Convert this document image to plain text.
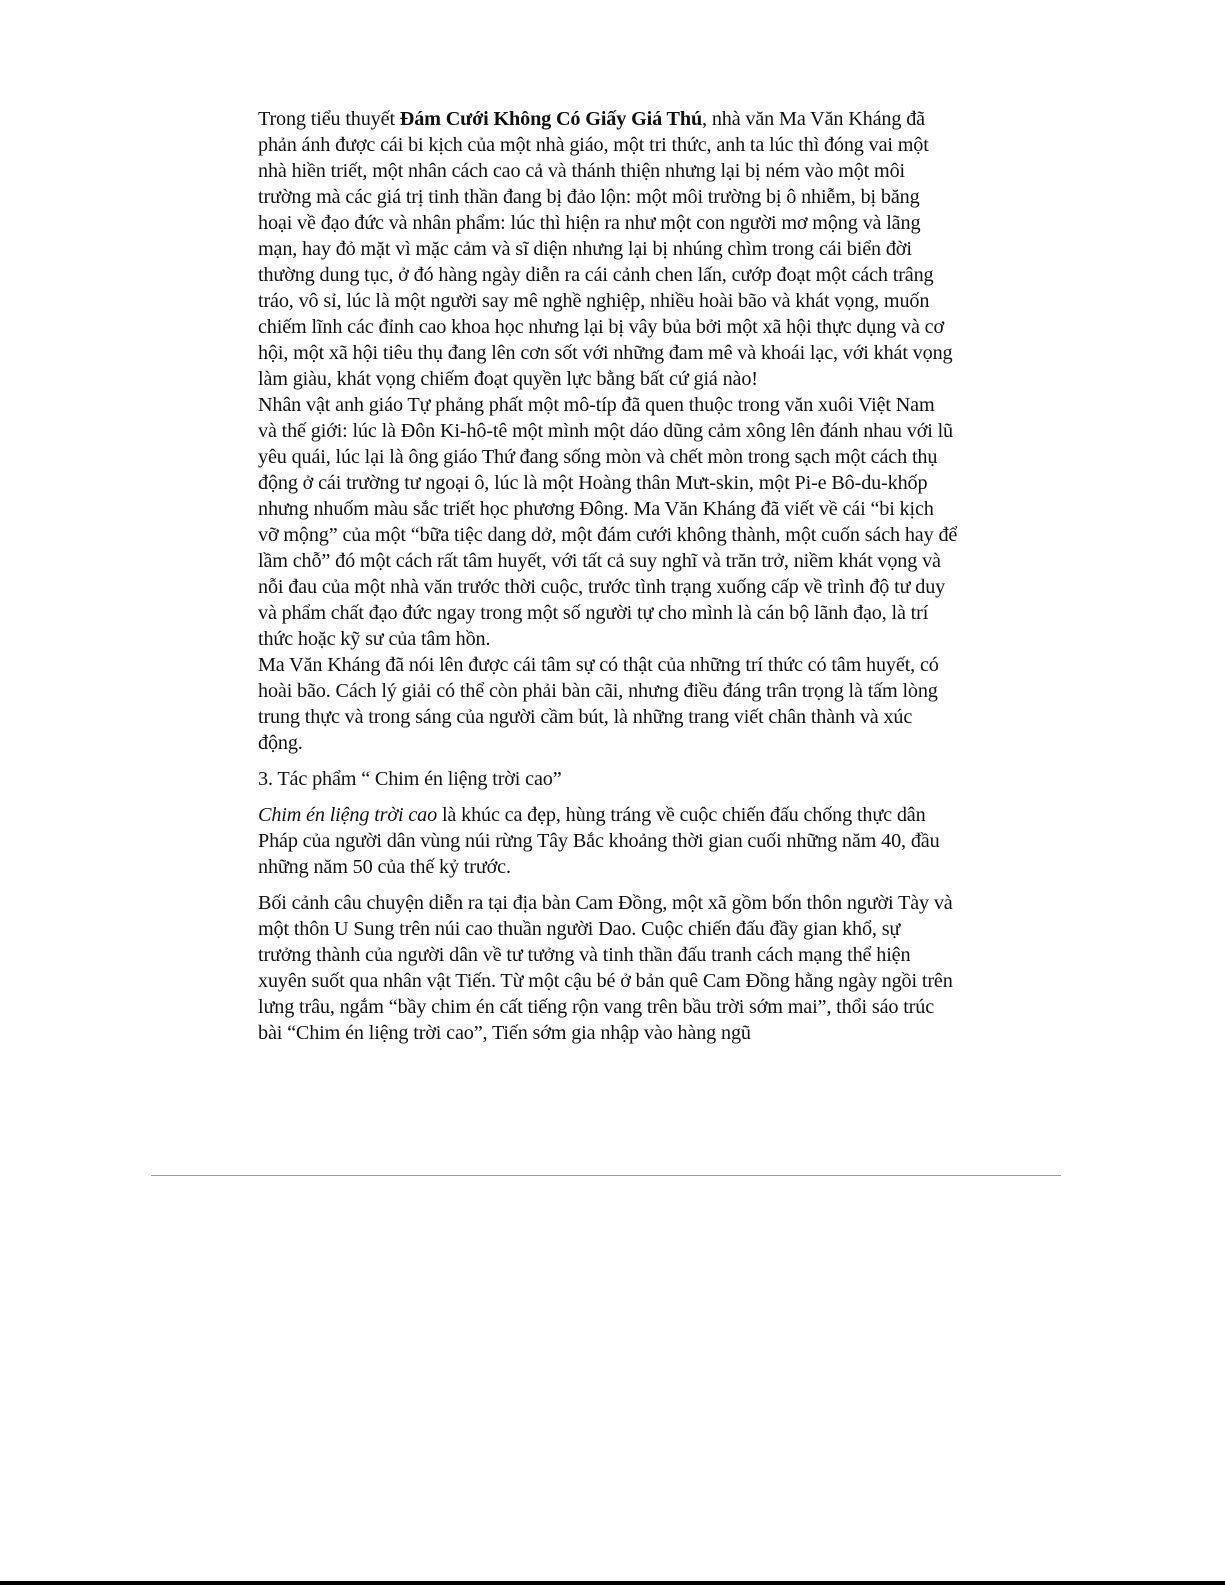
Trong tiểu thuyết Đám Cưới Không Có Giấy Giá Thú, nhà văn Ma Văn Kháng đã phản ánh được cái bi kịch của một nhà giáo, một tri thức, anh ta lúc thì đóng vai một nhà hiền triết, một nhân cách cao cả và thánh thiện nhưng lại bị ném vào một môi trường mà các giá trị tinh thần đang bị đảo lộn: một môi trường bị ô nhiễm, bị băng hoại về đạo đức và nhân phẩm: lúc thì hiện ra như một con người mơ mộng và lãng mạn, hay đỏ mặt vì mặc cảm và sĩ diện nhưng lại bị nhúng chìm trong cái biển đời thường dung tục, ở đó hàng ngày diễn ra cái cảnh chen lấn, cướp đoạt một cách trâng tráo, vô sỉ, lúc là một người say mê nghề nghiệp, nhiều hoài bão và khát vọng, muốn chiếm lĩnh các đỉnh cao khoa học nhưng lại bị vây bủa bởi một xã hội thực dụng và cơ hội, một xã hội tiêu thụ đang lên cơn sốt với những đam mê và khoái lạc, với khát vọng làm giàu, khát vọng chiếm đoạt quyền lực bằng bất cứ giá nào!

Nhân vật anh giáo Tự phảng phất một mô-típ đã quen thuộc trong văn xuôi Việt Nam và thế giới: lúc là Đôn Ki-hô-tê một mình một dáo dũng cảm xông lên đánh nhau với lũ yêu quái, lúc lại là ông giáo Thứ đang sống mòn và chết mòn trong sạch một cách thụ động ở cái trường tư ngoại ô, lúc là một Hoàng thân Mưt-skin, một Pi-e Bô-du-khốp nhưng nhuốm màu sắc triết học phương Đông. Ma Văn Kháng đã viết về cái “bi kịch vỡ mộng” của một “bữa tiệc dang dở, một đám cưới không thành, một cuốn sách hay để lầm chỗ” đó một cách rất tâm huyết, với tất cả suy nghĩ và trăn trở, niềm khát vọng và nỗi đau của một nhà văn trước thời cuộc, trước tình trạng xuống cấp về trình độ tư duy và phẩm chất đạo đức ngay trong một số người tự cho mình là cán bộ lãnh đạo, là trí thức hoặc kỹ sư của tâm hồn.

Ma Văn Kháng đã nói lên được cái tâm sự có thật của những trí thức có tâm huyết, có hoài bão. Cách lý giải có thể còn phải bàn cãi, nhưng điều đáng trân trọng là tấm lòng trung thực và trong sáng của người cầm bút, là những trang viết chân thành và xúc động.

3. Tác phẩm “ Chim én liệng trời cao”

Chim én liệng trời cao là khúc ca đẹp, hùng tráng về cuộc chiến đấu chống thực dân Pháp của người dân vùng núi rừng Tây Bắc khoảng thời gian cuối những năm 40, đầu những năm 50 của thế kỷ trước.

Bối cảnh câu chuyện diễn ra tại địa bàn Cam Đồng, một xã gồm bốn thôn người Tày và một thôn U Sung trên núi cao thuần người Dao. Cuộc chiến đấu đầy gian khổ, sự trưởng thành của người dân về tư tưởng và tinh thần đấu tranh cách mạng thể hiện xuyên suốt qua nhân vật Tiến. Từ một cậu bé ở bản quê Cam Đồng hằng ngày ngồi trên lưng trâu, ngắm “bầy chim én cất tiếng rộn vang trên bầu trời sớm mai”, thổi sáo trúc bài “Chim én liệng trời cao”, Tiến sớm gia nhập vào hàng ngũ
